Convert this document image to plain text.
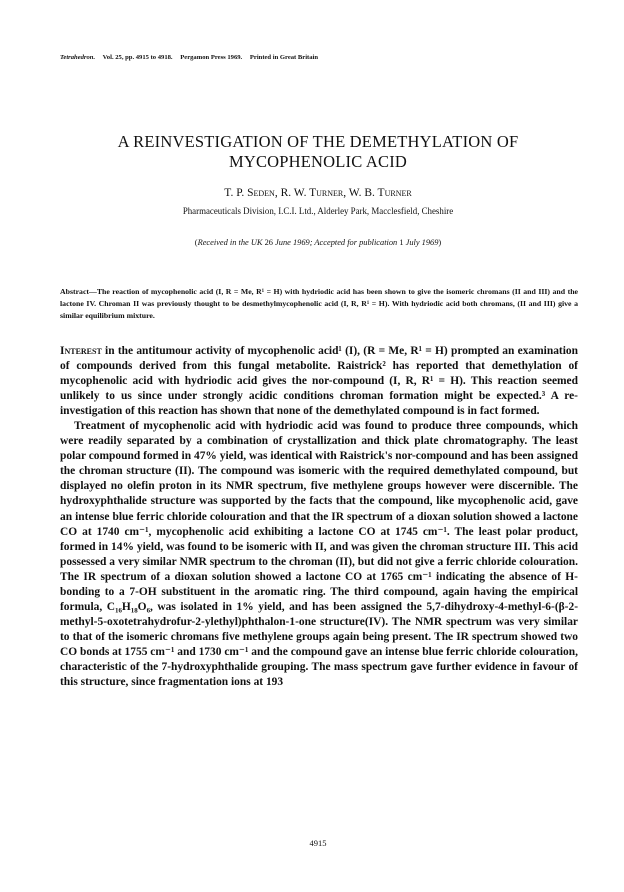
Tetrahedron. Vol. 25, pp. 4915 to 4918. Pergamon Press 1969. Printed in Great Britain
A REINVESTIGATION OF THE DEMETHYLATION OF
MYCOPHENOLIC ACID
T. P. Seden, R. W. Turner, W. B. Turner
Pharmaceuticals Division, I.C.I. Ltd., Alderley Park, Macclesfield, Cheshire
(Received in the UK 26 June 1969; Accepted for publication 1 July 1969)
Abstract—The reaction of mycophenolic acid (I, R = Me, R¹ = H) with hydriodic acid has been shown to give the isomeric chromans (II and III) and the lactone IV. Chroman II was previously thought to be desmethylmycophenolic acid (I, R, R¹ = H). With hydriodic acid both chromans, (II and III) give a similar equilibrium mixture.

Interest in the antitumour activity of mycophenolic acid¹ (I), (R = Me, R¹ = H) prompted an examination of compounds derived from this fungal metabolite. Raistrick² has reported that demethylation of mycophenolic acid with hydriodic acid gives the nor-compound (I, R, R¹ = H). This reaction seemed unlikely to us since under strongly acidic conditions chroman formation might be expected.³ A re-investigation of this reaction has shown that none of the demethylated compound is in fact formed.

Treatment of mycophenolic acid with hydriodic acid was found to produce three compounds, which were readily separated by a combination of crystallization and thick plate chromatography. The least polar compound formed in 47% yield, was identical with Raistrick's nor-compound and has been assigned the chroman structure (II). The compound was isomeric with the required demethylated compound, but displayed no olefin proton in its NMR spectrum, five methylene groups however were discernible. The hydroxyphthalide structure was supported by the facts that the compound, like mycophenolic acid, gave an intense blue ferric chloride colouration and that the IR spectrum of a dioxan solution showed a lactone CO at 1740 cm⁻¹, mycophenolic acid exhibiting a lactone CO at 1745 cm⁻¹. The least polar product, formed in 14% yield, was found to be isomeric with II, and was given the chroman structure III. This acid possessed a very similar NMR spectrum to the chroman (II), but did not give a ferric chloride colouration. The IR spectrum of a dioxan solution showed a lactone CO at 1765 cm⁻¹ indicating the absence of H-bonding to a 7-OH substituent in the aromatic ring. The third compound, again having the empirical formula, C₁₆H₁₈O₆, was isolated in 1% yield, and has been assigned the 5,7-dihydroxy-4-methyl-6-(β-2-methyl-5-oxotetrahydrofur-2-ylethyl)phthalon-1-one structure(IV). The NMR spectrum was very similar to that of the isomeric chromans five methylene groups again being present. The IR spectrum showed two CO bonds at 1755 cm⁻¹ and 1730 cm⁻¹ and the compound gave an intense blue ferric chloride colouration, characteristic of the 7-hydroxyphthalide grouping. The mass spectrum gave further evidence in favour of this structure, since fragmentation ions at 193

4915
